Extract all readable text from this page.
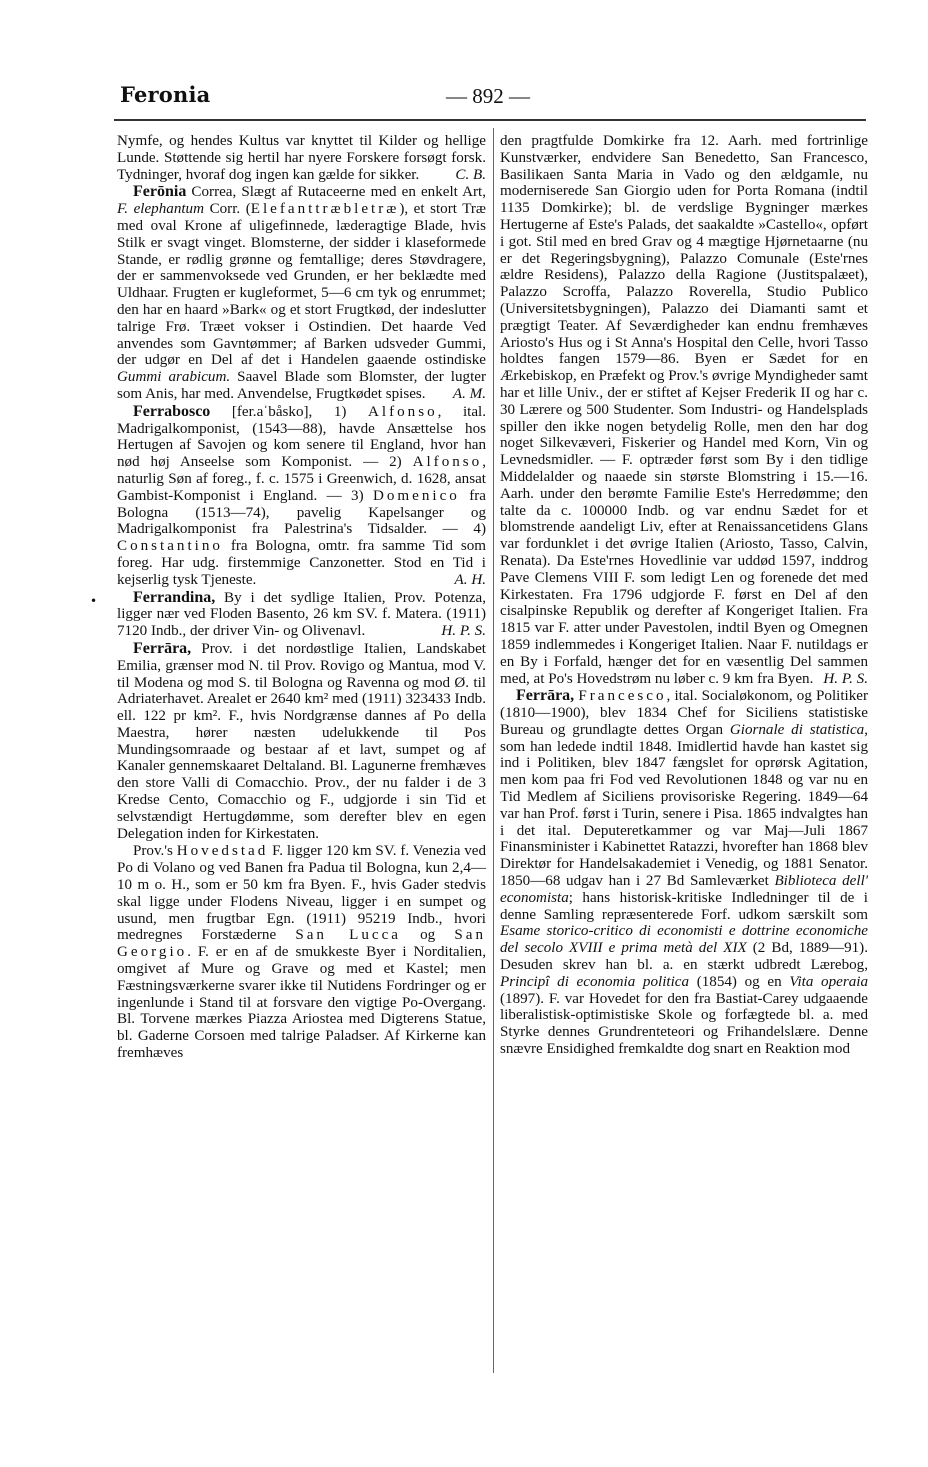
Feronia	— 892 —
•

Nymfe, og hendes Kultus var knyttet til Kilder og hellige Lunde. Støttende sig hertil har nyere Forskere forsøgt forsk. Tydninger, hvoraf dog ingen kan gælde for sikker.	C. B.

Ferōnia Correa, Slægt af Rutaceerne med en enkelt Art, F. elephantum Corr. (Elefanttræbletræ), et stort Træ med oval Krone af uligefinnede, læderagtige Blade, hvis Stilk er svagt vinget. Blomsterne, der sidder i klaseformede Stande, er rødlig grønne og femtallige; deres Støvdragere, der er sammenvoksede ved Grunden, er her beklædte med Uldhaar. Frugten er kugleformet, 5—6 cm tyk og enrummet; den har en haard »Bark« og et stort Frugtkød, der indeslutter talrige Frø. Træet vokser i Ostindien. Det haarde Ved anvendes som Gavntømmer; af Barken udsveder Gummi, der udgør en Del af det i Handelen gaaende ostindiske Gummi arabicum. Saavel Blade som Blomster, der lugter som Anis, har med. Anvendelse, Frugtkødet spises.	A. M.

Ferrabosco [fer.aˈbåsko], 1) Alfonso, ital. Madrigalkomponist, (1543—88), havde Ansættelse hos Hertugen af Savojen og kom senere til England, hvor han nød høj Anseelse som Komponist. — 2) Alfonso, naturlig Søn af foreg., f. c. 1575 i Greenwich, d. 1628, ansat Gambist-Komponist i England. — 3) Domenico fra Bologna (1513—74), pavelig Kapelsanger og Madrigalkomponist fra Palestrina's Tidsalder. — 4) Constantino fra Bologna, omtr. fra samme Tid som foreg. Har udg. firstemmige Canzonetter. Stod en Tid i kejserlig tysk Tjeneste.	A. H.

Ferrandina, By i det sydlige Italien, Prov. Potenza, ligger nær ved Floden Basento, 26 km SV. f. Matera. (1911) 7120 Indb., der driver Vin- og Olivenavl.	H. P. S.

Ferrāra, Prov. i det nordøstlige Italien, Landskabet Emilia, grænser mod N. til Prov. Rovigo og Mantua, mod V. til Modena og mod S. til Bologna og Ravenna og mod Ø. til Adriaterhavet. Arealet er 2640 km² med (1911) 323433 Indb. ell. 122 pr km². F., hvis Nordgrænse dannes af Po della Maestra, hører næsten udelukkende til Pos Mundingsomraade og bestaar af et lavt, sumpet og af Kanaler gennemskaaret Deltaland. Bl. Lagunerne fremhæves den store Valli di Comacchio. Prov., der nu falder i de 3 Kredse Cento, Comacchio og F., udgjorde i sin Tid et selvstændigt Hertugdømme, som derefter blev en egen Delegation inden for Kirkestaten.

Prov.'s Hovedstad F. ligger 120 km SV. f. Venezia ved Po di Volano og ved Banen fra Padua til Bologna, kun 2,4—10 m o. H., som er 50 km fra Byen. F., hvis Gader stedvis skal ligge under Flodens Niveau, ligger i en sumpet og usund, men frugtbar Egn. (1911) 95219 Indb., hvori medregnes Forstæderne San Lucca og San Georgio. F. er en af de smukkeste Byer i Norditalien, omgivet af Mure og Grave og med et Kastel; men Fæstningsværkerne svarer ikke til Nutidens Fordringer og er ingenlunde i Stand til at forsvare den vigtige Po-Overgang. Bl. Torvene mærkes Piazza Ariostea med Digterens Statue, bl. Gaderne Corsoen med talrige Paladser. Af Kirkerne kan fremhæves

den pragtfulde Domkirke fra 12. Aarh. med fortrinlige Kunstværker, endvidere San Benedetto, San Francesco, Basilikaen Santa Maria in Vado og den ældgamle, nu moderniserede San Giorgio uden for Porta Romana (indtil 1135 Domkirke); bl. de verdslige Bygninger mærkes Hertugerne af Este's Palads, det saakaldte »Castello«, opført i got. Stil med en bred Grav og 4 mægtige Hjørnetaarne (nu er det Regeringsbygning), Palazzo Comunale (Este'rnes ældre Residens), Palazzo della Ragione (Justitspalæet), Palazzo Scroffa, Palazzo Roverella, Studio Publico (Universitetsbygningen), Palazzo dei Diamanti samt et prægtigt Teater. Af Seværdigheder kan endnu fremhæves Ariosto's Hus og i St Anna's Hospital den Celle, hvori Tasso holdtes fangen 1579—86. Byen er Sædet for en Ærkebiskop, en Præfekt og Prov.'s øvrige Myndigheder samt har et lille Univ., der er stiftet af Kejser Frederik II og har c. 30 Lærere og 500 Studenter. Som Industri- og Handelsplads spiller den ikke nogen betydelig Rolle, men den har dog noget Silkevæveri, Fiskerier og Handel med Korn, Vin og Levnedsmidler. — F. optræder først som By i den tidlige Middelalder og naaede sin største Blomstring i 15.—16. Aarh. under den berømte Familie Este's Herredømme; den talte da c. 100000 Indb. og var endnu Sædet for et blomstrende aandeligt Liv, efter at Renaissancetidens Glans var fordunklet i det øvrige Italien (Ariosto, Tasso, Calvin, Renata). Da Este'rnes Hovedlinie var uddød 1597, inddrog Pave Clemens VIII F. som ledigt Len og forenede det med Kirkestaten. Fra 1796 udgjorde F. først en Del af den cisalpinske Republik og derefter af Kongeriget Italien. Fra 1815 var F. atter under Pavestolen, indtil Byen og Omegnen 1859 indlemmedes i Kongeriget Italien. Naar F. nutildags er en By i Forfald, hænger det for en væsentlig Del sammen med, at Po's Hovedstrøm nu løber c. 9 km fra Byen. H. P. S.

Ferrāra, Francesco, ital. Socialøkonom, og Politiker (1810—1900), blev 1834 Chef for Siciliens statistiske Bureau og grundlagte dettes Organ Giornale di statistica, som han ledede indtil 1848. Imidlertid havde han kastet sig ind i Politiken, blev 1847 fængslet for oprørsk Agitation, men kom paa fri Fod ved Revolutionen 1848 og var nu en Tid Medlem af Siciliens provisoriske Regering. 1849—64 var han Prof. først i Turin, senere i Pisa. 1865 indvalgtes han i det ital. Deputeretkammer og var Maj—Juli 1867 Finansminister i Kabinettet Ratazzi, hvorefter han 1868 blev Direktør for Handelsakademiet i Venedig, og 1881 Senator. 1850—68 udgav han i 27 Bd Samleværket Biblioteca dell' economista; hans historisk-kritiske Indledninger til de i denne Samling repræsenterede Forf. udkom særskilt som Esame storico-critico di economisti e dottrine economiche del secolo XVIII e prima metà del XIX (2 Bd, 1889—91). Desuden skrev han bl. a. en stærkt udbredt Lærebog, Principî di economia politica (1854) og en Vita operaia (1897). F. var Hovedet for den fra Bastiat-Carey udgaaende liberalistisk-optimistiske Skole og forfægtede bl. a. med Styrke dennes Grundrenteteori og Frihandelslære. Denne snævre Ensidighed fremkaldte dog snart en Reaktion mod
